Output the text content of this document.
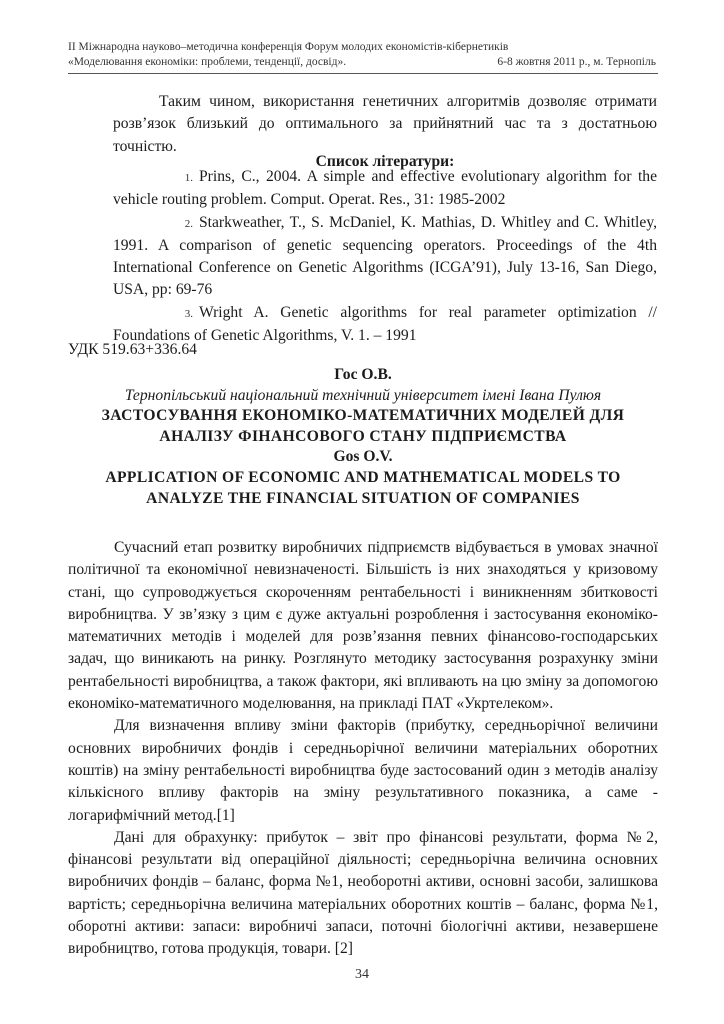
II Міжнародна науково–методична конференція Форум молодих економістів-кібернетиків
«Моделювання економіки: проблеми, тенденції, досвід».	6-8 жовтня 2011 р., м. Тернопіль

Таким чином, використання генетичних алгоритмів дозволяє отримати розв’язок близький до оптимального за прийнятний час та з достатньою точністю.

Список літератури:

1. Prins, C., 2004. A simple and effective evolutionary algorithm for the vehicle routing problem. Comput. Operat. Res., 31: 1985-2002

2. Starkweather, T., S. McDaniel, K. Mathias, D. Whitley and C. Whitley, 1991. A comparison of genetic sequencing operators. Proceedings of the 4th International Conference on Genetic Algorithms (ICGA’91), July 13-16, San Diego, USA, pp: 69-76

3. Wright A. Genetic algorithms for real parameter optimization // Foundations of Genetic Algorithms, V. 1. – 1991

УДК 519.63+336.64

Гос О.В.

Тернопільський національний технічний університет імені Івана Пулюя

ЗАСТОСУВАННЯ ЕКОНОМІКО-МАТЕМАТИЧНИХ МОДЕЛЕЙ ДЛЯ

АНАЛІЗУ ФІНАНСОВОГО СТАНУ ПІДПРИЄМСТВА

Gos O.V.

APPLICATION OF ECONOMIC AND MATHEMATICAL MODELS TO

ANALYZE THE FINANCIAL SITUATION OF COMPANIES

Сучасний етап розвитку виробничих підприємств відбувається в умовах значної політичної та економічної невизначеності. Більшість із них знаходяться у кризовому стані, що супроводжується скороченням рентабельності і виникненням збитковості виробництва. У зв’язку з цим є дуже актуальні розроблення і застосування економіко-математичних методів і моделей для розв’язання певних фінансово-господарських задач, що виникають на ринку. Розглянуто методику застосування розрахунку зміни рентабельності виробництва, а також фактори, які впливають на цю зміну за допомогою економіко-математичного моделювання, на прикладі ПАТ «Укртелеком».

Для визначення впливу зміни факторів (прибутку, середньорічної величини основних виробничих фондів і середньорічної величини матеріальних оборотних коштів) на зміну рентабельності виробництва буде застосований один з методів аналізу кількісного впливу факторів на зміну результативного показника, а саме - логарифмічний метод.[1]

Дані для обрахунку: прибуток – звіт про фінансові результати, форма №2, фінансові результати від операційної діяльності; середньорічна величина основних виробничих фондів – баланс, форма №1, необоротні активи, основні засоби, залишкова вартість; середньорічна величина матеріальних оборотних коштів – баланс, форма №1, оборотні активи: запаси: виробничі запаси, поточні біологічні активи, незавершене виробництво, готова продукція, товари. [2]

34
